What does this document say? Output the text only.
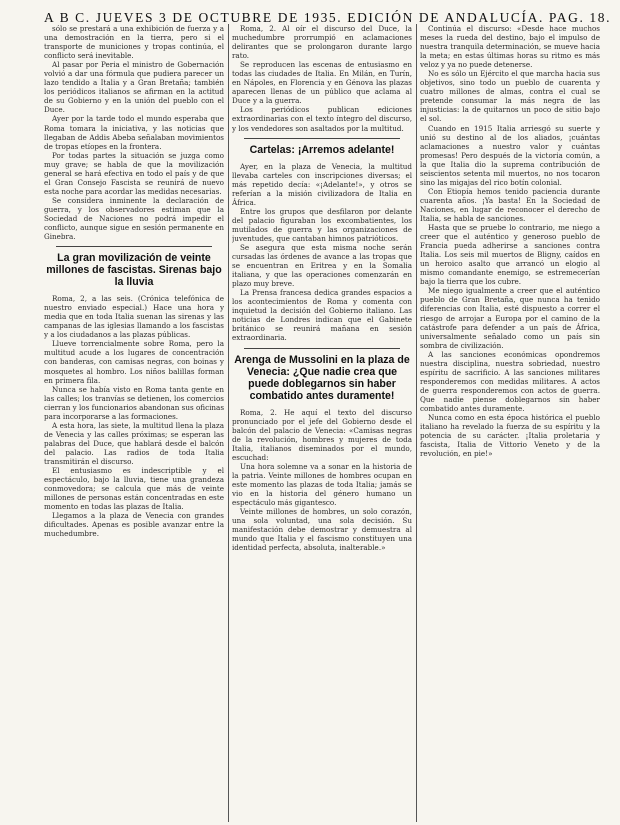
A B C. JUEVES 3 DE OCTUBRE DE 1935. EDICIÓN DE ANDALUCÍA. PAG. 18.

sólo se prestará a una exhibición de fuerza y a una demostración en la tierra, pero si el transporte de municiones y tropas continúa, el conflicto será inevitable.

Al pasar por Peria el ministro de Gobernación volvió a dar una fórmula que pudiera parecer un lazo tendido a Italia y a Gran Bretaña; también los periódicos italianos se afirman en la actitud de su Gobierno y en la unión del pueblo con el Duce.

Ayer por la tarde todo el mundo esperaba que Roma tomara la iniciativa, y las noticias que llegaban de Addis Abeba señalaban movimientos de tropas etíopes en la frontera.

Por todas partes la situación se juzga como muy grave; se habla de que la movilización general se hará efectiva en todo el país y de que el Gran Consejo Fascista se reunirá de nuevo esta noche para acordar las medidas necesarias.

Se considera inminente la declaración de guerra, y los observadores estiman que la Sociedad de Naciones no podrá impedir el conflicto, aunque sigue en sesión permanente en Ginebra.

La gran movilización de veinte millones de fascistas. Sirenas bajo la lluvia

Roma, 2, a las seis. (Crónica telefónica de nuestro enviado especial.) Hace una hora y media que en toda Italia suenan las sirenas y las campanas de las iglesias llamando a los fascistas y a los ciudadanos a las plazas públicas.

Llueve torrencialmente sobre Roma, pero la multitud acude a los lugares de concentración con banderas, con camisas negras, con boinas y mosquetes al hombro. Los niños balillas forman en primera fila.

Nunca se había visto en Roma tanta gente en las calles; los tranvías se detienen, los comercios cierran y los funcionarios abandonan sus oficinas para incorporarse a las formaciones.

A esta hora, las siete, la multitud llena la plaza de Venecia y las calles próximas; se esperan las palabras del Duce, que hablará desde el balcón del palacio. Las radios de toda Italia transmitirán el discurso.

El entusiasmo es indescriptible y el espectáculo, bajo la lluvia, tiene una grandeza conmovedora; se calcula que más de veinte millones de personas están concentradas en este momento en todas las plazas de Italia.

Llegamos a la plaza de Venecia con grandes dificultades. Apenas es posible avanzar entre la muchedumbre.

Roma, 2. Al oír el discurso del Duce, la muchedumbre prorrumpió en aclamaciones delirantes que se prolongaron durante largo rato.

Se reproducen las escenas de entusiasmo en todas las ciudades de Italia. En Milán, en Turín, en Nápoles, en Florencia y en Génova las plazas aparecen llenas de un público que aclama al Duce y a la guerra.

Los periódicos publican ediciones extraordinarias con el texto íntegro del discurso, y los vendedores son asaltados por la multitud.

Cartelas: ¡Arremos adelante!

Ayer, en la plaza de Venecia, la multitud llevaba carteles con inscripciones diversas; el más repetido decía: «¡Adelante!», y otros se referían a la misión civilizadora de Italia en África.

Entre los grupos que desfilaron por delante del palacio figuraban los excombatientes, los mutilados de guerra y las organizaciones de juventudes, que cantaban himnos patrióticos.

Se asegura que esta misma noche serán cursadas las órdenes de avance a las tropas que se encuentran en Eritrea y en la Somalia italiana, y que las operaciones comenzarán en plazo muy breve.

La Prensa francesa dedica grandes espacios a los acontecimientos de Roma y comenta con inquietud la decisión del Gobierno italiano. Las noticias de Londres indican que el Gabinete británico se reunirá mañana en sesión extraordinaria.

Arenga de Mussolini en la plaza de Venecia: ¿Que nadie crea que puede doblegarnos sin haber combatido antes duramente!

Roma, 2. He aquí el texto del discurso pronunciado por el jefe del Gobierno desde el balcón del palacio de Venecia: «Camisas negras de la revolución, hombres y mujeres de toda Italia, italianos diseminados por el mundo, escuchad:

Una hora solemne va a sonar en la historia de la patria. Veinte millones de hombres ocupan en este momento las plazas de toda Italia; jamás se vio en la historia del género humano un espectáculo más gigantesco.

Veinte millones de hombres, un solo corazón, una sola voluntad, una sola decisión. Su manifestación debe demostrar y demuestra al mundo que Italia y el fascismo constituyen una identidad perfecta, absoluta, inalterable.»

Continúa el discurso: «Desde hace muchos meses la rueda del destino, bajo el impulso de nuestra tranquila determinación, se mueve hacia la meta; en estas últimas horas su ritmo es más veloz y ya no puede detenerse.

No es sólo un Ejército el que marcha hacia sus objetivos, sino todo un pueblo de cuarenta y cuatro millones de almas, contra el cual se pretende consumar la más negra de las injusticias: la de quitarnos un poco de sitio bajo el sol.

Cuando en 1915 Italia arriesgó su suerte y unió su destino al de los aliados, ¡cuántas aclamaciones a nuestro valor y cuántas promesas! Pero después de la victoria común, a la que Italia dio la suprema contribución de seiscientos setenta mil muertos, no nos tocaron sino las migajas del rico botín colonial.

Con Etiopía hemos tenido paciencia durante cuarenta años. ¡Ya basta! En la Sociedad de Naciones, en lugar de reconocer el derecho de Italia, se habla de sanciones.

Hasta que se pruebe lo contrario, me niego a creer que el auténtico y generoso pueblo de Francia pueda adherirse a sanciones contra Italia. Los seis mil muertos de Bligny, caídos en un heroico asalto que arrancó un elogio al mismo comandante enemigo, se estremecerían bajo la tierra que los cubre.

Me niego igualmente a creer que el auténtico pueblo de Gran Bretaña, que nunca ha tenido diferencias con Italia, esté dispuesto a correr el riesgo de arrojar a Europa por el camino de la catástrofe para defender a un país de África, universalmente señalado como un país sin sombra de civilización.

A las sanciones económicas opondremos nuestra disciplina, nuestra sobriedad, nuestro espíritu de sacrificio. A las sanciones militares responderemos con medidas militares. A actos de guerra responderemos con actos de guerra. Que nadie piense doblegarnos sin haber combatido antes duramente.

Nunca como en esta época histórica el pueblo italiano ha revelado la fuerza de su espíritu y la potencia de su carácter. ¡Italia proletaria y fascista, Italia de Vittorio Veneto y de la revolución, en pie!»
